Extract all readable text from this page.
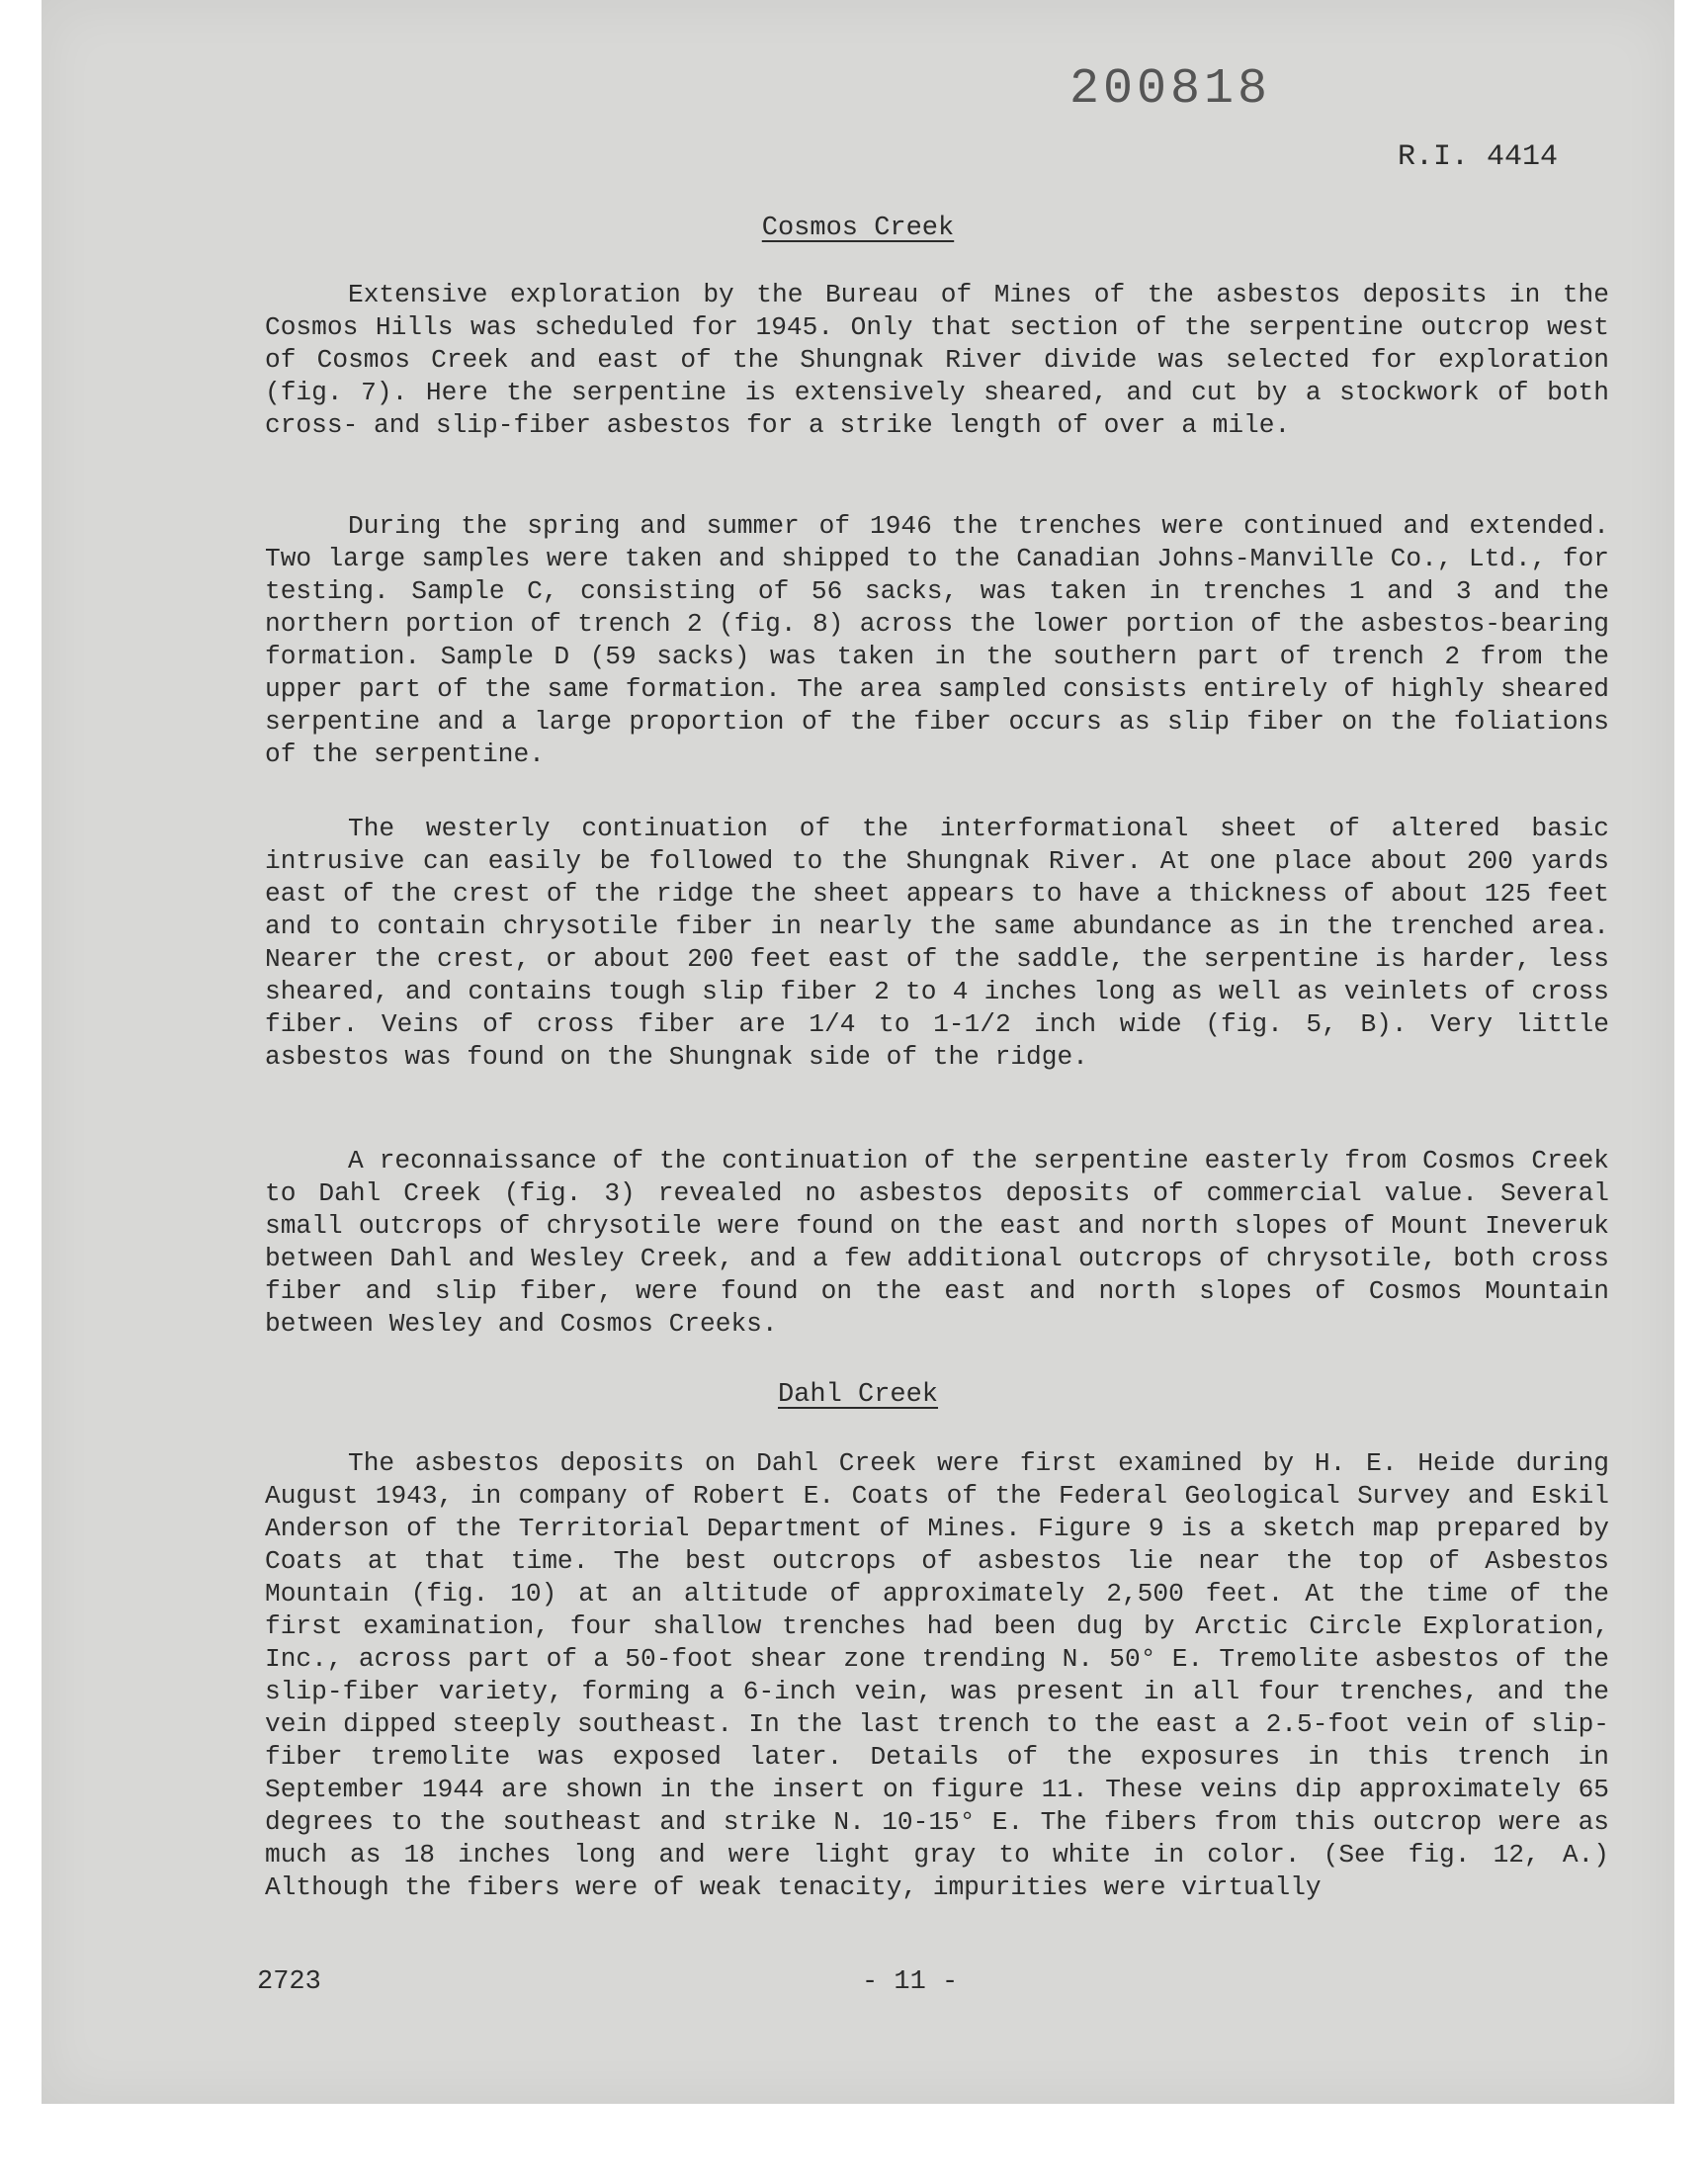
200818
R.I. 4414
Cosmos Creek

Extensive exploration by the Bureau of Mines of the asbestos deposits in the Cosmos Hills was scheduled for 1945. Only that section of the serpentine outcrop west of Cosmos Creek and east of the Shungnak River divide was selected for exploration (fig. 7). Here the serpentine is extensively sheared, and cut by a stockwork of both cross- and slip-fiber asbestos for a strike length of over a mile.

During the spring and summer of 1946 the trenches were continued and extended. Two large samples were taken and shipped to the Canadian Johns-Manville Co., Ltd., for testing. Sample C, consisting of 56 sacks, was taken in trenches 1 and 3 and the northern portion of trench 2 (fig. 8) across the lower portion of the asbestos-bearing formation. Sample D (59 sacks) was taken in the southern part of trench 2 from the upper part of the same formation. The area sampled consists entirely of highly sheared serpentine and a large proportion of the fiber occurs as slip fiber on the foliations of the serpentine.

The westerly continuation of the interformational sheet of altered basic intrusive can easily be followed to the Shungnak River. At one place about 200 yards east of the crest of the ridge the sheet appears to have a thickness of about 125 feet and to contain chrysotile fiber in nearly the same abundance as in the trenched area. Nearer the crest, or about 200 feet east of the saddle, the serpentine is harder, less sheared, and contains tough slip fiber 2 to 4 inches long as well as veinlets of cross fiber. Veins of cross fiber are 1/4 to 1-1/2 inch wide (fig. 5, B). Very little asbestos was found on the Shungnak side of the ridge.

A reconnaissance of the continuation of the serpentine easterly from Cosmos Creek to Dahl Creek (fig. 3) revealed no asbestos deposits of commercial value. Several small outcrops of chrysotile were found on the east and north slopes of Mount Ineveruk between Dahl and Wesley Creek, and a few additional outcrops of chrysotile, both cross fiber and slip fiber, were found on the east and north slopes of Cosmos Mountain between Wesley and Cosmos Creeks.

Dahl Creek

The asbestos deposits on Dahl Creek were first examined by H. E. Heide during August 1943, in company of Robert E. Coats of the Federal Geological Survey and Eskil Anderson of the Territorial Department of Mines. Figure 9 is a sketch map prepared by Coats at that time. The best outcrops of asbestos lie near the top of Asbestos Mountain (fig. 10) at an altitude of approximately 2,500 feet. At the time of the first examination, four shallow trenches had been dug by Arctic Circle Exploration, Inc., across part of a 50-foot shear zone trending N. 50° E. Tremolite asbestos of the slip-fiber variety, forming a 6-inch vein, was present in all four trenches, and the vein dipped steeply southeast. In the last trench to the east a 2.5-foot vein of slip-fiber tremolite was exposed later. Details of the exposures in this trench in September 1944 are shown in the insert on figure 11. These veins dip approximately 65 degrees to the southeast and strike N. 10-15° E. The fibers from this outcrop were as much as 18 inches long and were light gray to white in color. (See fig. 12, A.) Although the fibers were of weak tenacity, impurities were virtually

2723	- 11 -
